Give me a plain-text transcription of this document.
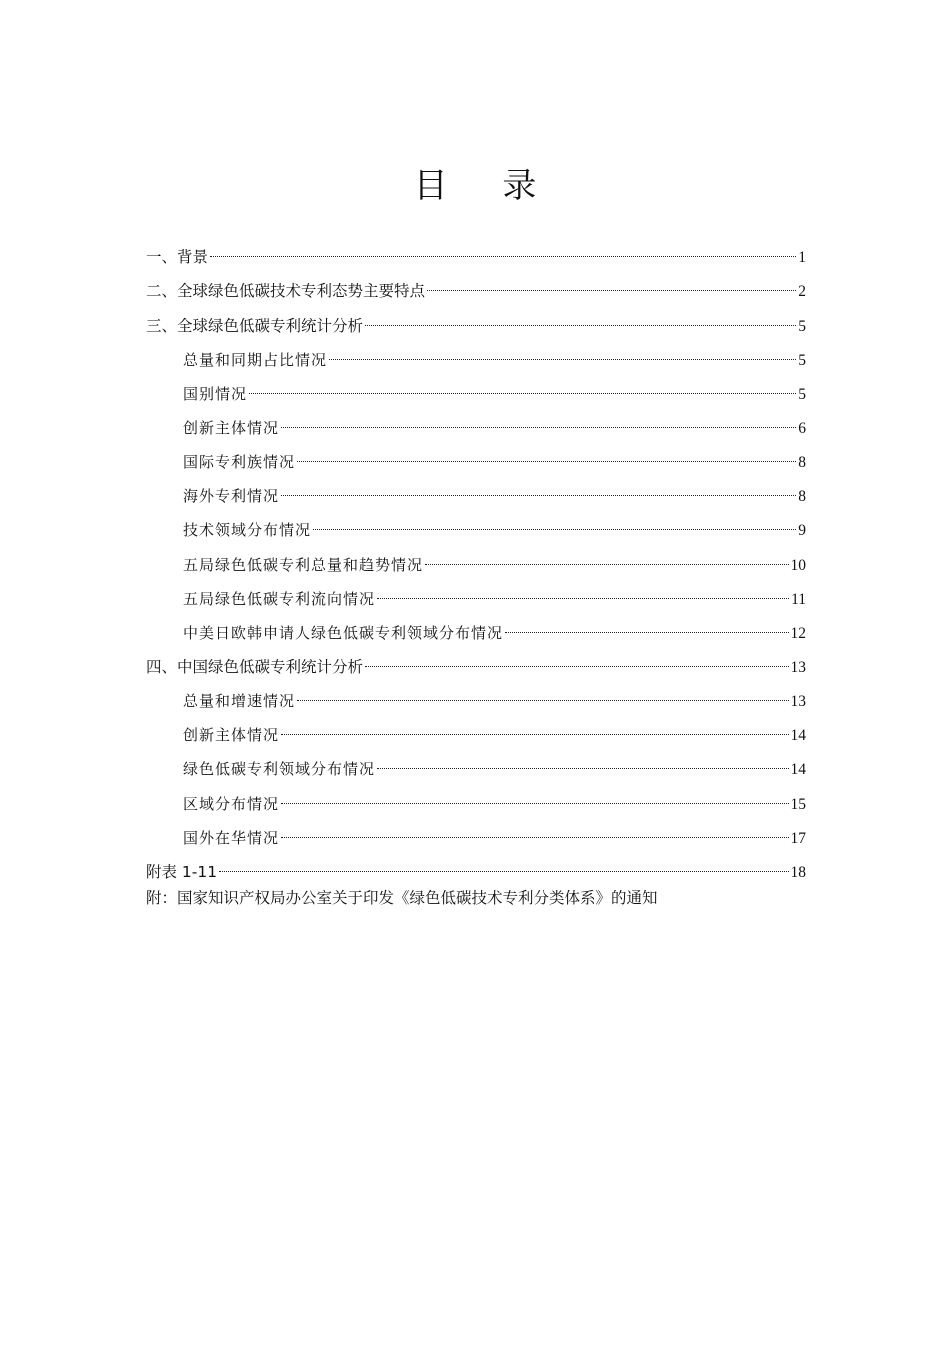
目 录
一、背景	1
二、全球绿色低碳技术专利态势主要特点	2
三、全球绿色低碳专利统计分析	5
总量和同期占比情况	5
国别情况	5
创新主体情况	6
国际专利族情况	8
海外专利情况	8
技术领域分布情况	9
五局绿色低碳专利总量和趋势情况	10
五局绿色低碳专利流向情况	11
中美日欧韩申请人绿色低碳专利领域分布情况	12
四、中国绿色低碳专利统计分析	13
总量和增速情况	13
创新主体情况	14
绿色低碳专利领域分布情况	14
区域分布情况	15
国外在华情况	17
附表 1-11	18
附：国家知识产权局办公室关于印发《绿色低碳技术专利分类体系》的通知
